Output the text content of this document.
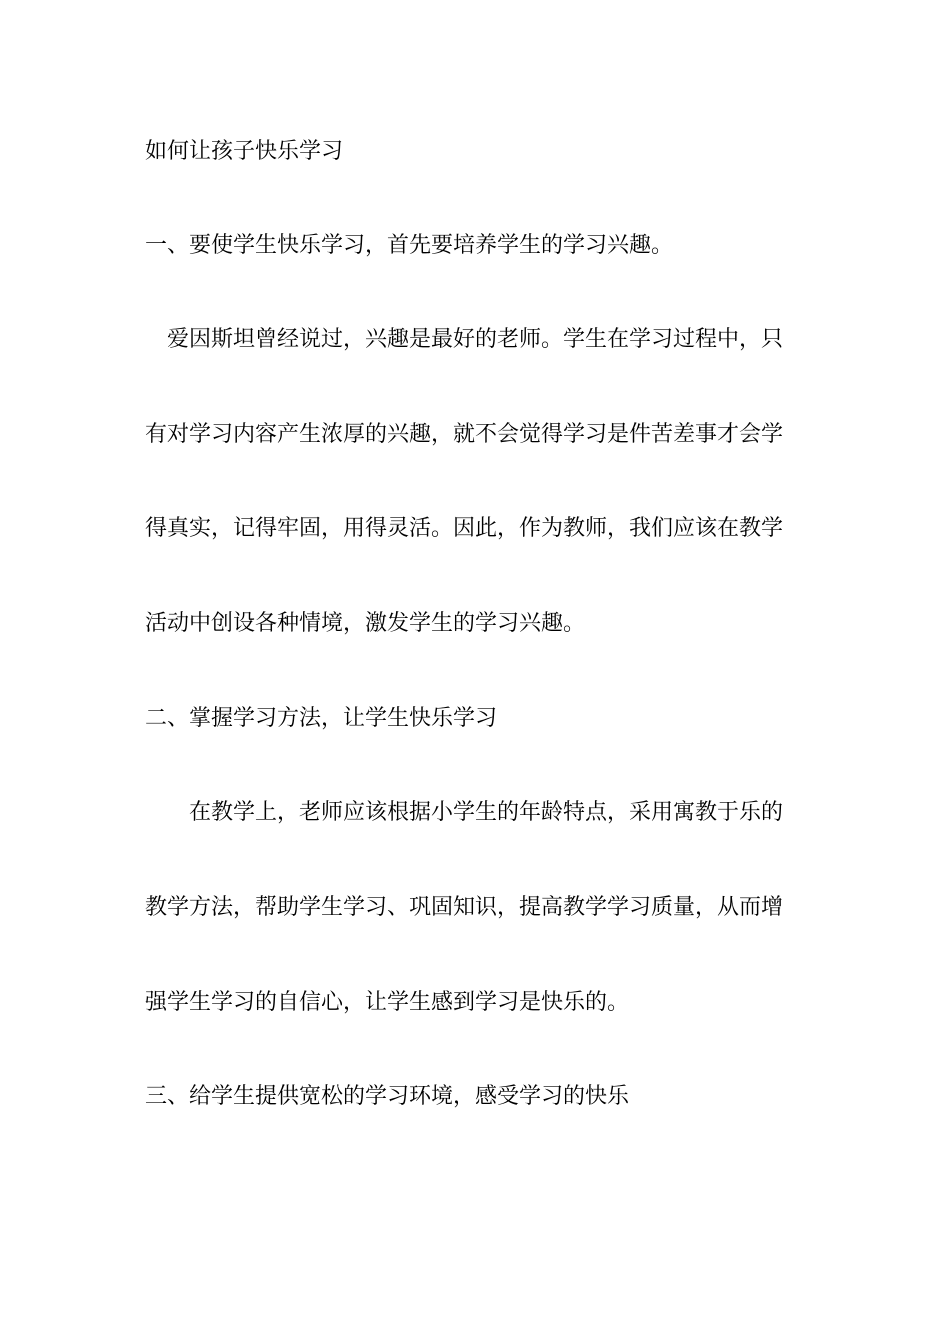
如何让孩子快乐学习

一、要使学生快乐学习，首先要培养学生的学习兴趣。

爱因斯坦曾经说过，兴趣是最好的老师。学生在学习过程中，只

有对学习内容产生浓厚的兴趣，就不会觉得学习是件苦差事才会学

得真实，记得牢固，用得灵活。因此，作为教师，我们应该在教学

活动中创设各种情境，激发学生的学习兴趣。

二、掌握学习方法，让学生快乐学习

在教学上，老师应该根据小学生的年龄特点，采用寓教于乐的

教学方法，帮助学生学习、巩固知识，提高教学学习质量，从而增

强学生学习的自信心，让学生感到学习是快乐的。

三、给学生提供宽松的学习环境，感受学习的快乐
